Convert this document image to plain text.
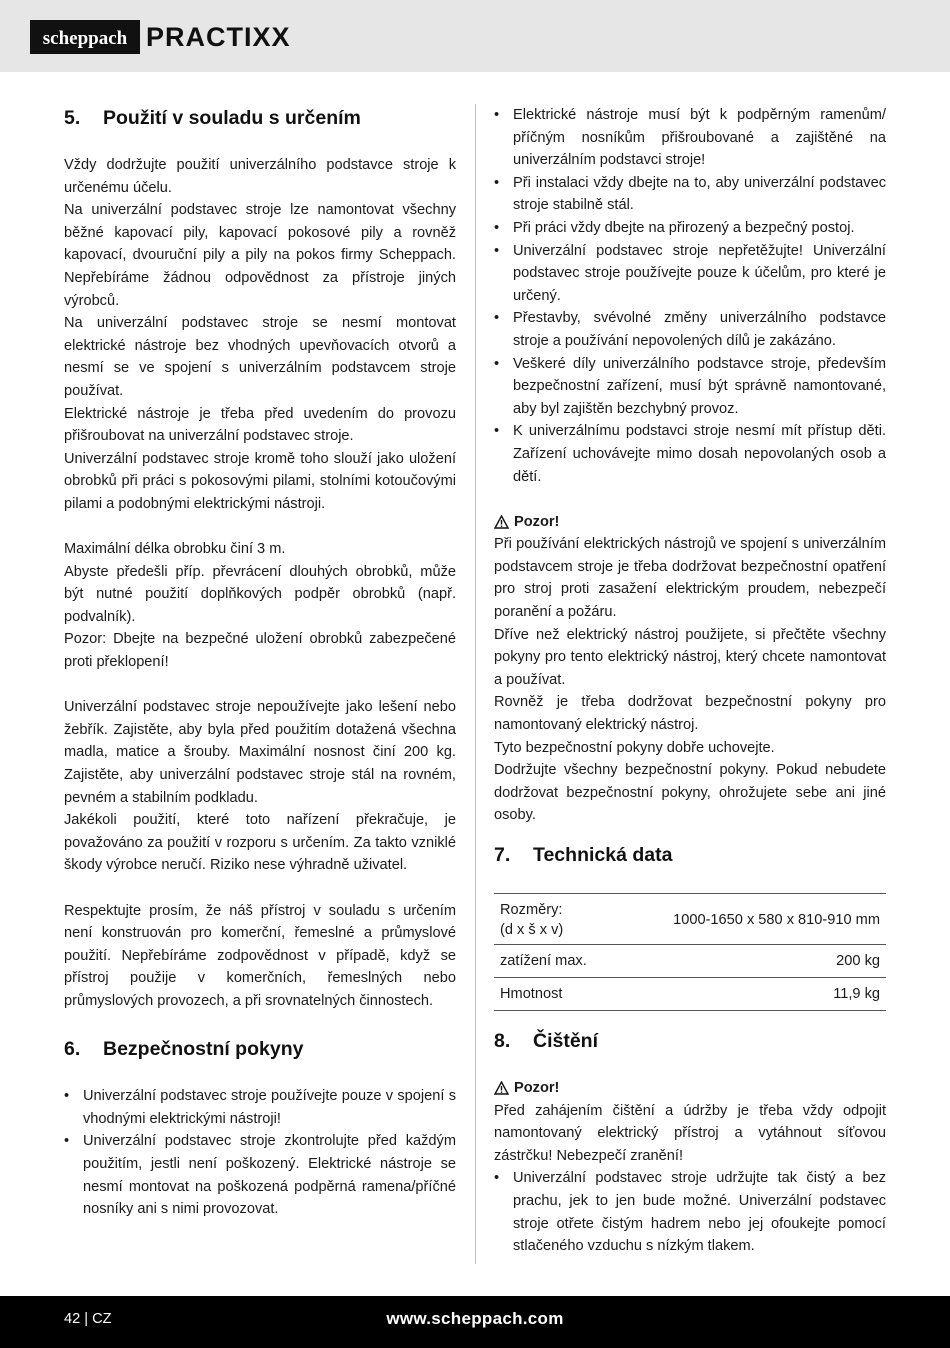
scheppach PRACTIXX
5.	Použití v souladu s určením

Vždy dodržujte použití univerzálního podstavce stroje k určenému účelu.

Na univerzální podstavec stroje lze namontovat všechny běžné kapovací pily, kapovací pokosové pily a rovněž kapovací, dvouruční pily a pily na pokos firmy Scheppach. Nepřebíráme žádnou odpovědnost za přístroje jiných výrobců.

Na univerzální podstavec stroje se nesmí montovat elektrické nástroje bez vhodných upevňovacích otvorů a nesmí se ve spojení s univerzálním podstavcem stroje používat.

Elektrické nástroje je třeba před uvedením do provozu přišroubovat na univerzální podstavec stroje.

Univerzální podstavec stroje kromě toho slouží jako uložení obrobků při práci s pokosovými pilami, stolními kotoučovými pilami a podobnými elektrickými nástroji.

Maximální délka obrobku činí 3 m.

Abyste předešli příp. převrácení dlouhých obrobků, může být nutné použití doplňkových podpěr obrobků (např. podvalník).

Pozor: Dbejte na bezpečné uložení obrobků zabezpečené proti překlopení!

Univerzální podstavec stroje nepoužívejte jako lešení nebo žebřík. Zajistěte, aby byla před použitím dotažená všechna madla, matice a šrouby. Maximální nosnost činí 200 kg. Zajistěte, aby univerzální podstavec stroje stál na rovném, pevném a stabilním podkladu.

Jakékoli použití, které toto nařízení překračuje, je považováno za použití v rozporu s určením. Za takto vzniklé škody výrobce neručí. Riziko nese výhradně uživatel.

Respektujte prosím, že náš přístroj v souladu s určením není konstruován pro komerční, řemeslné a průmyslové použití. Nepřebíráme zodpovědnost v případě, když se přístroj použije v komerčních, řemeslných nebo průmyslových provozech, a při srovnatelných činnostech.

6.	Bezpečnostní pokyny
• Univerzální podstavec stroje používejte pouze v spojení s vhodnými elektrickými nástroji!
• Univerzální podstavec stroje zkontrolujte před každým použitím, jestli není poškozený. Elektrické nástroje se nesmí montovat na poškozená podpěrná ramena/příčné nosníky ani s nimi provozovat.
• Elektrické nástroje musí být k podpěrným ramenům/ příčným nosníkům přišroubované a zajištěné na univerzálním podstavci stroje!
• Při instalaci vždy dbejte na to, aby univerzální podstavec stroje stabilně stál.
• Při práci vždy dbejte na přirozený a bezpečný postoj.
• Univerzální podstavec stroje nepřetěžujte! Univerzální podstavec stroje používejte pouze k účelům, pro které je určený.
• Přestavby, svévolné změny univerzálního podstavce stroje a používání nepovolených dílů je zakázáno.
• Veškeré díly univerzálního podstavce stroje, především bezpečnostní zařízení, musí být správně namontované, aby byl zajištěn bezchybný provoz.
• K univerzálnímu podstavci stroje nesmí mít přístup děti. Zařízení uchovávejte mimo dosah nepovolaných osob a dětí.
Pozor!

Při používání elektrických nástrojů ve spojení s univerzálním podstavcem stroje je třeba dodržovat bezpečnostní opatření pro stroj proti zasažení elektrickým proudem, nebezpečí poranění a požáru.

Dříve než elektrický nástroj použijete, si přečtěte všechny pokyny pro tento elektrický nástroj, který chcete namontovat a používat.

Rovněž je třeba dodržovat bezpečnostní pokyny pro namontovaný elektrický nástroj.

Tyto bezpečnostní pokyny dobře uchovejte.

Dodržujte všechny bezpečnostní pokyny. Pokud nebudete dodržovat bezpečnostní pokyny, ohrožujete sebe ani jiné osoby.

7.	Technická data
Rozměry:
(d x š x v)	1000-1650 x 580 x 810-910 mm
zatížení max.	200 kg
Hmotnost	11,9 kg
8.	Čištění
Pozor!

Před zahájením čištění a údržby je třeba vždy odpojit namontovaný elektrický přístroj a vytáhnout síťovou zástrčku! Nebezpečí zranění!

• Univerzální podstavec stroje udržujte tak čistý a bez prachu, jek to jen bude možné. Univerzální podstavec stroje otřete čistým hadrem nebo jej ofoukejte pomocí stlačeného vzduchu s nízkým tlakem.
42 | CZ	www.scheppach.com
